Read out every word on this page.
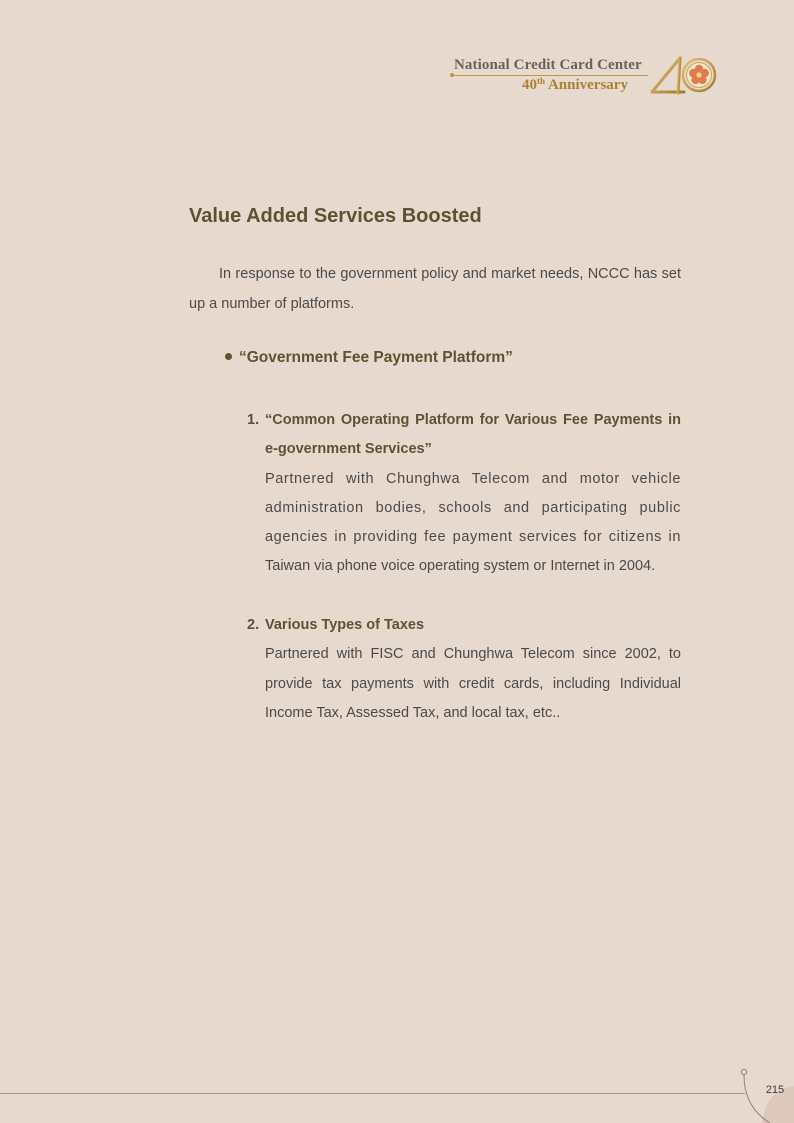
National Credit Card Center
40th Anniversary
Value Added Services Boosted

In response to the government policy and market needs, NCCC has set up a number of platforms.

“Government Fee Payment Platform”
1. “Common Operating Platform for Various Fee Payments in e-government Services”

Partnered with Chunghwa Telecom and motor vehicle administration bodies, schools and participating public agencies in providing fee payment services for citizens in Taiwan via phone voice operating system or Internet in 2004.

2. Various Types of Taxes

Partnered with FISC and Chunghwa Telecom since 2002, to provide tax payments with credit cards, including Individual Income Tax, Assessed Tax, and local tax, etc..

215
